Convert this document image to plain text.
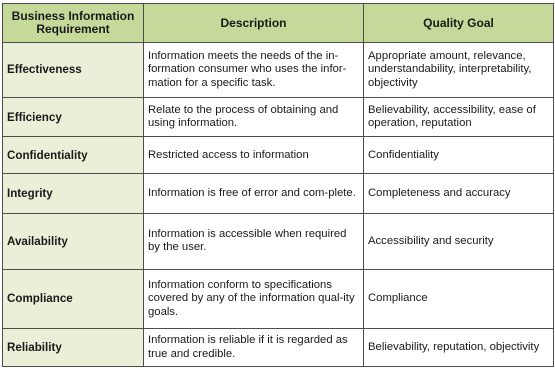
Business Information Requirement	Description	Quality Goal
Effectiveness	Information meets the needs of the in-formation consumer who uses the infor-mation for a specific task.	Appropriate amount, relevance, understandability, interpretability, objectivity
Efficiency	Relate to the process of obtaining and using information.	Believability, accessibility, ease of operation, reputation
Confidentiality	Restricted access to information	Confidentiality
Integrity	Information is free of error and com-plete.	Completeness and accuracy
Availability	Information is accessible when required by the user.	Accessibility and security
Compliance	Information conform to specifications covered by any of the information qual-ity goals.	Compliance
Reliability	Information is reliable if it is regarded as true and credible.	Believability, reputation, objectivity
